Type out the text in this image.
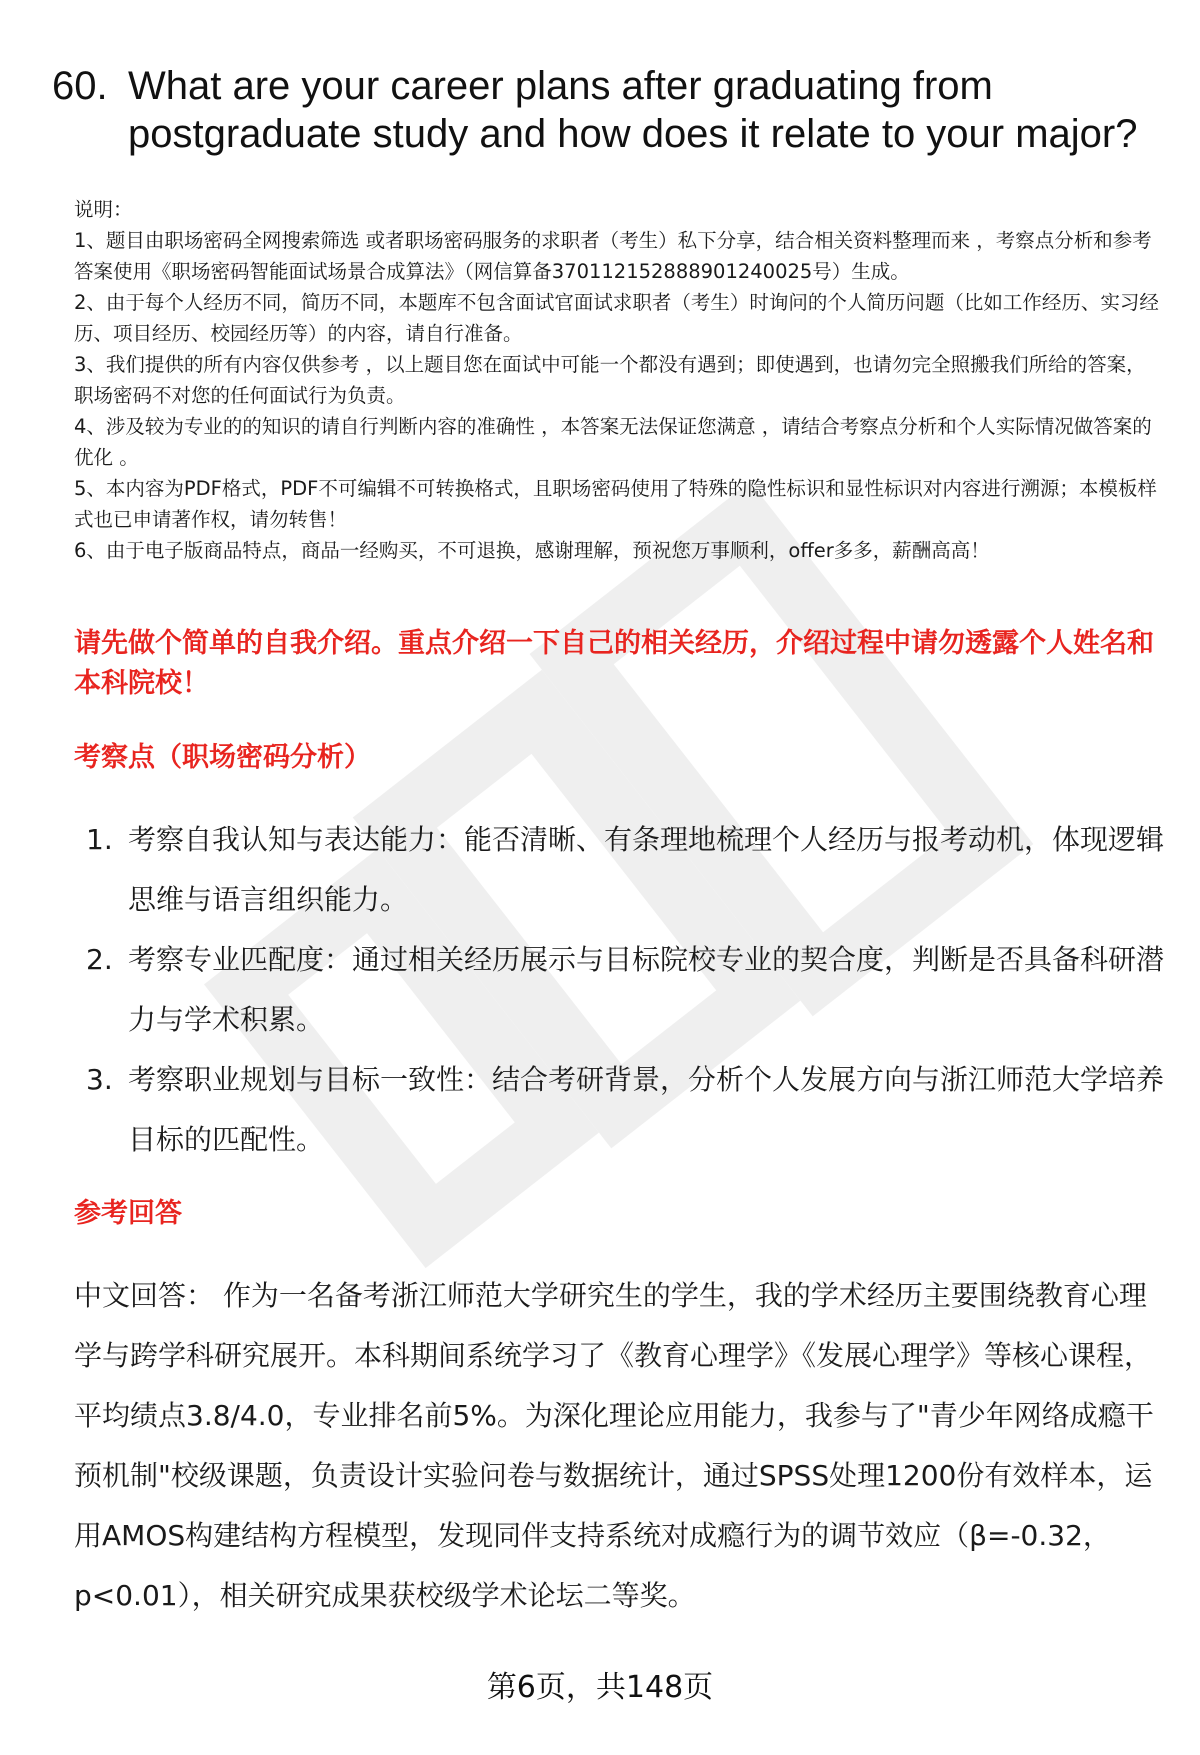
60. What are your career plans after graduating from postgraduate study and how does it relate to your major?
说明：
1、题目由职场密码全网搜索筛选 或者职场密码服务的求职者（考生）私下分享，结合相关资料整理而来 ，考察点分析和参考答案使用《职场密码智能面试场景合成算法》（网信算备370112152888901240025号）生成。
2、由于每个人经历不同，简历不同，本题库不包含面试官面试求职者（考生）时询问的个人简历问题（比如工作经历、实习经历、项目经历、校园经历等）的内容，请自行准备。
3、我们提供的所有内容仅供参考 ，以上题目您在面试中可能一个都没有遇到；即使遇到，也请勿完全照搬我们所给的答案，职场密码不对您的任何面试行为负责。
4、涉及较为专业的的知识的请自行判断内容的准确性 ，本答案无法保证您满意 ，请结合考察点分析和个人实际情况做答案的优化 。
5、本内容为PDF格式，PDF不可编辑不可转换格式，且职场密码使用了特殊的隐性标识和显性标识对内容进行溯源；本模板样式也已申请著作权，请勿转售！
6、由于电子版商品特点，商品一经购买，不可退换，感谢理解，预祝您万事顺利，offer多多，薪酬高高！
请先做个简单的自我介绍。重点介绍一下自己的相关经历，介绍过程中请勿透露个人姓名和本科院校！
考察点（职场密码分析）
1. 考察自我认知与表达能力：能否清晰、有条理地梳理个人经历与报考动机，体现逻辑思维与语言组织能力。
2. 考察专业匹配度：通过相关经历展示与目标院校专业的契合度，判断是否具备科研潜力与学术积累。
3. 考察职业规划与目标一致性：结合考研背景，分析个人发展方向与浙江师范大学培养目标的匹配性。
参考回答
中文回答： 作为一名备考浙江师范大学研究生的学生，我的学术经历主要围绕教育心理学与跨学科研究展开。本科期间系统学习了《教育心理学》《发展心理学》等核心课程，平均绩点3.8/4.0，专业排名前5%。为深化理论应用能力，我参与了"青少年网络成瘾干预机制"校级课题，负责设计实验问卷与数据统计，通过SPSS处理1200份有效样本，运用AMOS构建结构方程模型，发现同伴支持系统对成瘾行为的调节效应（β=-0.32，p<0.01），相关研究成果获校级学术论坛二等奖。
第6页，共148页
